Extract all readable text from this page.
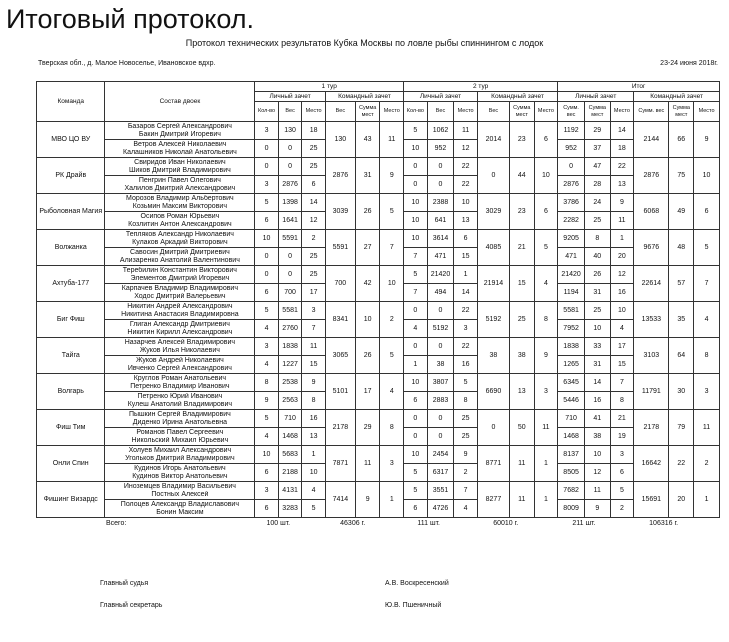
Итоговый протокол.
Протокол технических результатов Кубка Москвы по ловле рыбы спиннингом с лодок
Тверская обл., д. Малое Новоселье, Ивановское вдхр.	23-24 июня 2018г.
Команда	Состав двоек	1 тур						2 тур						Итог					
		Личный зачет			Командный зачет			Личный зачет			Командный зачет			Личный зачет			Командный зачет		
		Кол-во	Вес	Место	Вес	Сумма мест	Место	Кол-во	Вес	Место	Вес	Сумма мест	Место	Сумм. вес	Сумма мест	Место	Сумм. вес	Сумма мест	Место
МВО ЦО ВУ	Базаров Сергей Александрович
Бакин Дмитрий Игоревич	3	130	18	130	43	11	5	1062	11	2014	23	6	1192	29	14	2144	66	9

	Ветров Алексей Николаевич
Калашников Николай Анатольевич	0	0	25				10	952	12				952	37	18			
РК Драйв	Свиридов Иван Николаевич
Шиков Дмитрий Владимирович	0	0	25	2876	31	9	0	0	22	0	44	10	0	47	22	2876	75	10

	Пенгрин Павел Олегович
Халилов Дмитрий Александрович	3	2876	6				0	0	22				2876	28	13			
Рыболовная Магия	Морозов Владимир Альбертович
Козьмин Максим Викторович	5	1398	14	3039	26	5	10	2388	10	3029	23	6	3786	24	9	6068	49	6

	Осипов Роман Юрьевич
Козлитин Антон Александрович	6	1641	12				10	641	13				2282	25	11			
Волжанка	Тепляков Александр Николаевич
Кулаков Аркадий Викторович	10	5591	2	5591	27	7	10	3614	6	4085	21	5	9205	8	1	9676	48	5

	Савосин Дмитрий Дмитриевич
Ализаренко Анатолий Валентинович	0	0	25				7	471	15				471	40	20			
Ахтуба-177	Теребилин Константин Викторович
Элементов Дмитрий Игоревич	0	0	25	700	42	10	5	21420	1	21914	15	4	21420	26	12	22614	57	7

	Карпачев Владимир Владимирович
Ходос Дмитрий Валерьевич	6	700	17				7	494	14				1194	31	16			
Биг Фиш	Никитин Андрей Александрович
Никитина Анастасия Владимировна	5	5581	3	8341	10	2	0	0	22	5192	25	8	5581	25	10	13533	35	4

	Глиган Александр Дмитриевич
Никитин Кирилл Александрович	4	2760	7				4	5192	3				7952	10	4			
Тайга	Назарчев Алексей Владимирович
Жуков Илья Николаевич	3	1838	11	3065	26	5	0	0	22	38	38	9	1838	33	17	3103	64	8

	Жуков Андрей Николаевич
Ивченко Сергей Александрович	4	1227	15				1	38	16				1265	31	15			
Волгарь	Круглов Роман Анатольевич
Петренко Владимир Иванович	8	2538	9	5101	17	4	10	3807	5	6690	13	3	6345	14	7	11791	30	3

	Петренко Юрий Иванович
Кулеш Анатолий Владимирович	9	2563	8				6	2883	8				5446	16	8			
Фиш Тим	Пышкин Сергей Владимирович
Диденко Ирина Анатольевна	5	710	16	2178	29	8	0	0	25	0	50	11	710	41	21	2178	79	11

	Романов Павел Сергеевич
Никольский Михаил Юрьевич	4	1468	13				0	0	25				1468	38	19			
Онли Спин	Холуев Михаил Александрович
Угольков Дмитрий Владимирович	10	5683	1	7871	11	3	10	2454	9	8771	11	1	8137	10	3	16642	22	2

	Кудинов Игорь Анатольевич
Кудинов Виктор Анатольевич	6	2188	10				5	6317	2				8505	12	6			
Фишинг Визардс	Иноземцев Владимир Васильевич
Постных Алексей	3	4131	4	7414	9	1	5	3551	7	8277	11	1	7682	11	5	15691	20	1

	Полоцев Александр Владиславович
Бонин Максим	6	3283	5				6	4726	4				8009	9	2			
	Всего:	100 шт.			46306 г.			111 шт.			60010 г.			211 шт.			106316 г.		
Главный судья	А.В. Воскресенский
Главный секретарь	Ю.В. Пшеничный
